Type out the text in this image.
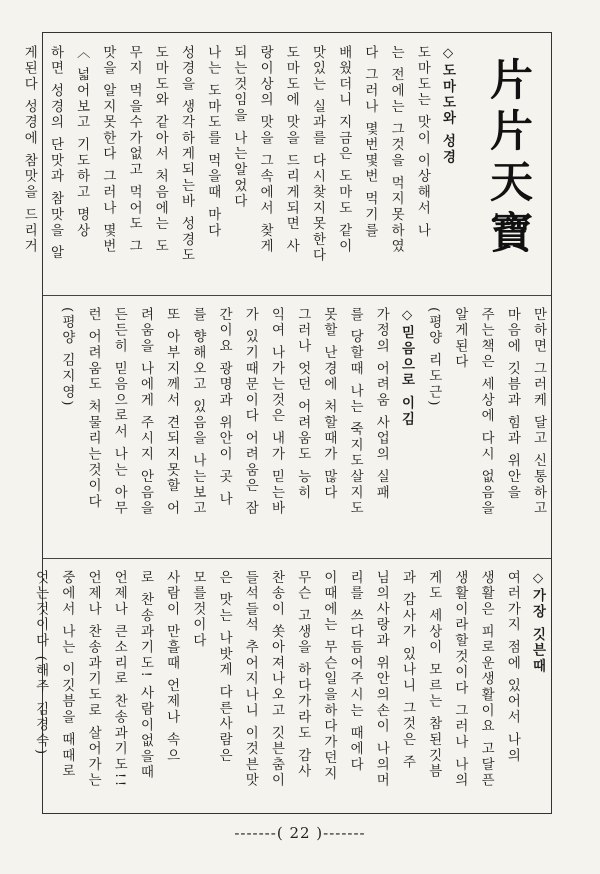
片片天寶
◇도마도와 성경
도마도는 맛이 이상해서 나
는 전에는 그것을 먹지못하였
다 그러나 몇번몇번 먹기를
배웠더니 지금은 도마도 같이
맛있는 실과를 다시찾지못한다
도마도에 맛을 드리게되면 사
랑이상의 맛을 그속에서 찾게
되는것임을 나는알었다
나는 도마도를 먹을때 마다
성경을 생각하게되는바 성경도
도마도와 같아서 처음에는 도
무지 먹을수가없고 먹어도 그
맛을 알지못한다 그러나 몇번
〈 넓어보고 기도하고 명상
하면 성경의 단맛과 참맛을 알
게된다 성경에 참맛을 드리거
만하면 그러케 달고 신통하고
마음에 깃븜과 힘과 위안을
주는책은 세상에 다시 없음을
알게된다
(평양 리도근)
◇믿음으로 이김
가정의 어려움 사업의 실패
를 당할때 나는 죽지도살지도
못할 난경에 처할때가 많다
그러나 엇던 어려움도 능히
익여 나가는것은 내가 믿는바
가 있기때문이다 어려움은 잠
간이요 광명과 위안이 곳 나
를 향해오고 있음을 나는보고
또 아부지께서 견되지못할 어
려움을 나에게 주시지 안음을
든든히 믿음으로서 나는 아무
런 어려움도 처물리는것이다
(평양 김지영)
◇가장 깃븐때
여러가지 점에 있어서 나의
생활은 피로운생활이요 고달픈
생활이라할것이다 그러나 나의
게도 세상이 모르는 참된깃븜
과 감사가 있나니 그것은 주
님의사랑과 위안의손이 나의머
리를 쓰다듬어주시는 때에다
이때에는 무슨일을하다가던지
무슨 고생을 하다가라도 감사
찬송이 쏫아져나오고 깃븐춤이
들석들석 추어지나니 이것븐맛
은 맛는 나밧게 다른사람은
모를것이다
사람이 만흘때 언제나 속으
로 찬송과기도! 사람이없을때
언제나 큰소리로 찬송과기도!!
언제나 찬송과기도로 살어가는
중에서 나는 이깃븜을 때때로
엇는것이다 (해주 김경숙)
-------( 22 )-------
